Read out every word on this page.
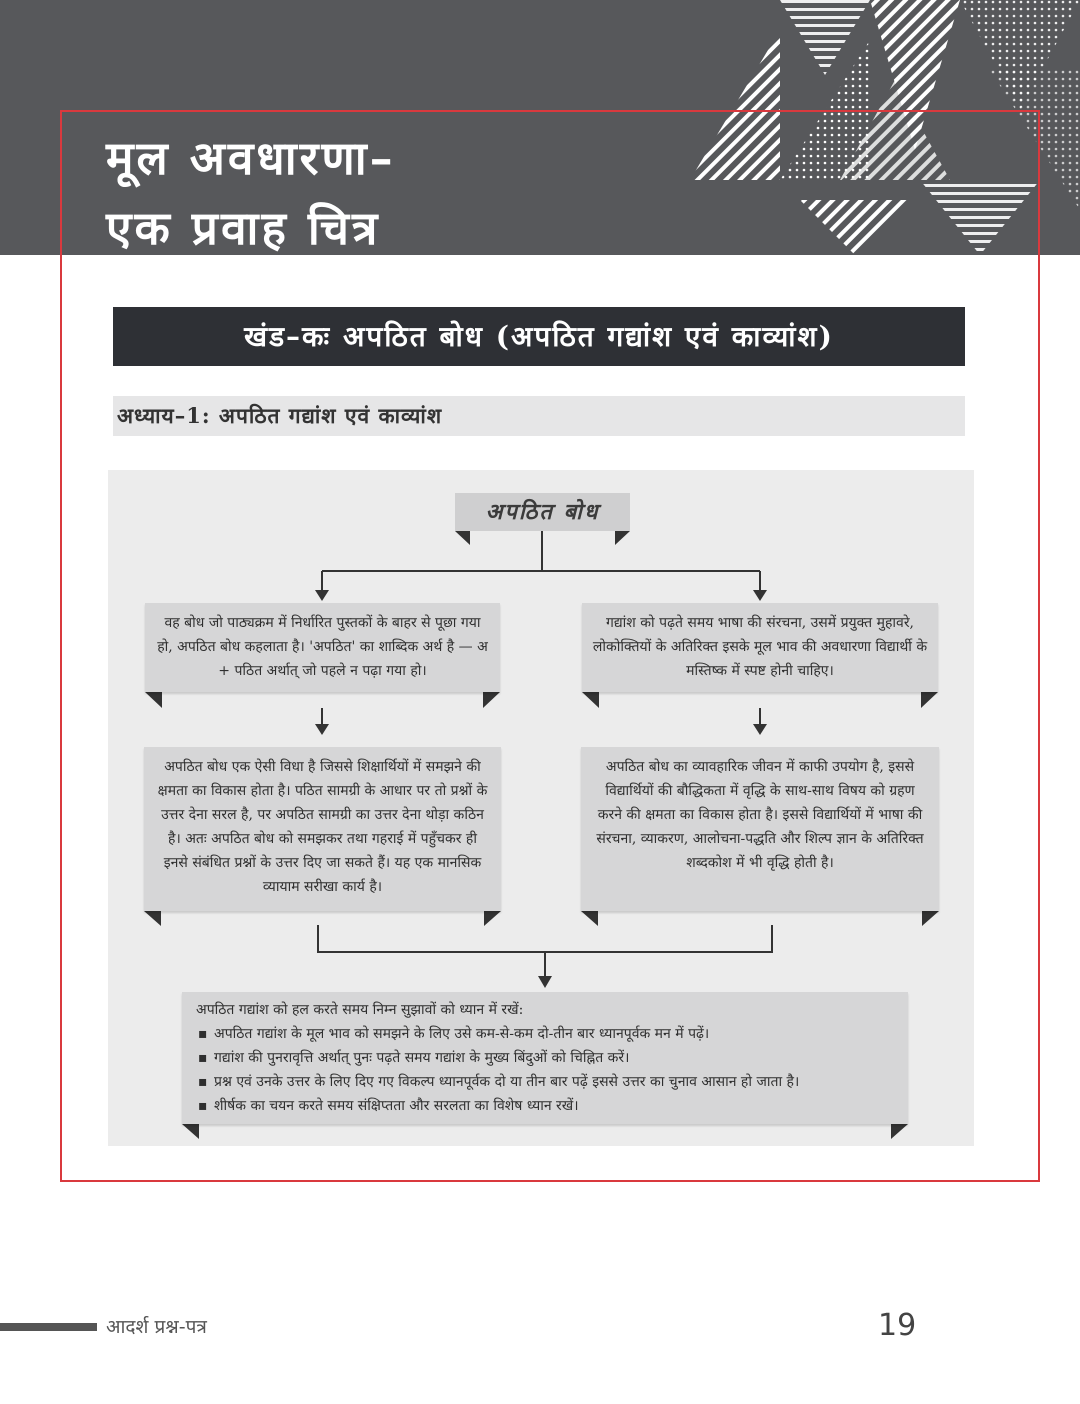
मूल अवधारणा–
एक प्रवाह चित्र
खंड–कः अपठित बोध (अपठित गद्यांश एवं काव्यांश)
अध्याय–1: अपठित गद्यांश एवं काव्यांश
अपठित बोध
वह बोध जो पाठ्यक्रम में निर्धारित पुस्तकों के बाहर से पूछा गया हो, अपठित बोध कहलाता है। 'अपठित' का शाब्दिक अर्थ है — अ + पठित अर्थात् जो पहले न पढ़ा गया हो।
गद्यांश को पढ़ते समय भाषा की संरचना, उसमें प्रयुक्त मुहावरे, लोकोक्तियों के अतिरिक्त इसके मूल भाव की अवधारणा विद्यार्थी के मस्तिष्क में स्पष्ट होनी चाहिए।
अपठित बोध एक ऐसी विधा है जिससे शिक्षार्थियों में समझने की क्षमता का विकास होता है। पठित सामग्री के आधार पर तो प्रश्नों के उत्तर देना सरल है, पर अपठित सामग्री का उत्तर देना थोड़ा कठिन है। अतः अपठित बोध को समझकर तथा गहराई में पहुँचकर ही इनसे संबंधित प्रश्नों के उत्तर दिए जा सकते हैं। यह एक मानसिक व्यायाम सरीखा कार्य है।
अपठित बोध का व्यावहारिक जीवन में काफी उपयोग है, इससे विद्यार्थियों की बौद्धिकता में वृद्धि के साथ-साथ विषय को ग्रहण करने की क्षमता का विकास होता है। इससे विद्यार्थियों में भाषा की संरचना, व्याकरण, आलोचना-पद्धति और शिल्प ज्ञान के अतिरिक्त शब्दकोश में भी वृद्धि होती है।
अपठित गद्यांश को हल करते समय निम्न सुझावों को ध्यान में रखें:
▪ अपठित गद्यांश के मूल भाव को समझने के लिए उसे कम-से-कम दो-तीन बार ध्यानपूर्वक मन में पढ़ें।
▪ गद्यांश की पुनरावृत्ति अर्थात् पुनः पढ़ते समय गद्यांश के मुख्य बिंदुओं को चिह्नित करें।
▪ प्रश्न एवं उनके उत्तर के लिए दिए गए विकल्प ध्यानपूर्वक दो या तीन बार पढ़ें इससे उत्तर का चुनाव आसान हो जाता है।
▪ शीर्षक का चयन करते समय संक्षिप्तता और सरलता का विशेष ध्यान रखें।
आदर्श प्रश्न-पत्र	19
